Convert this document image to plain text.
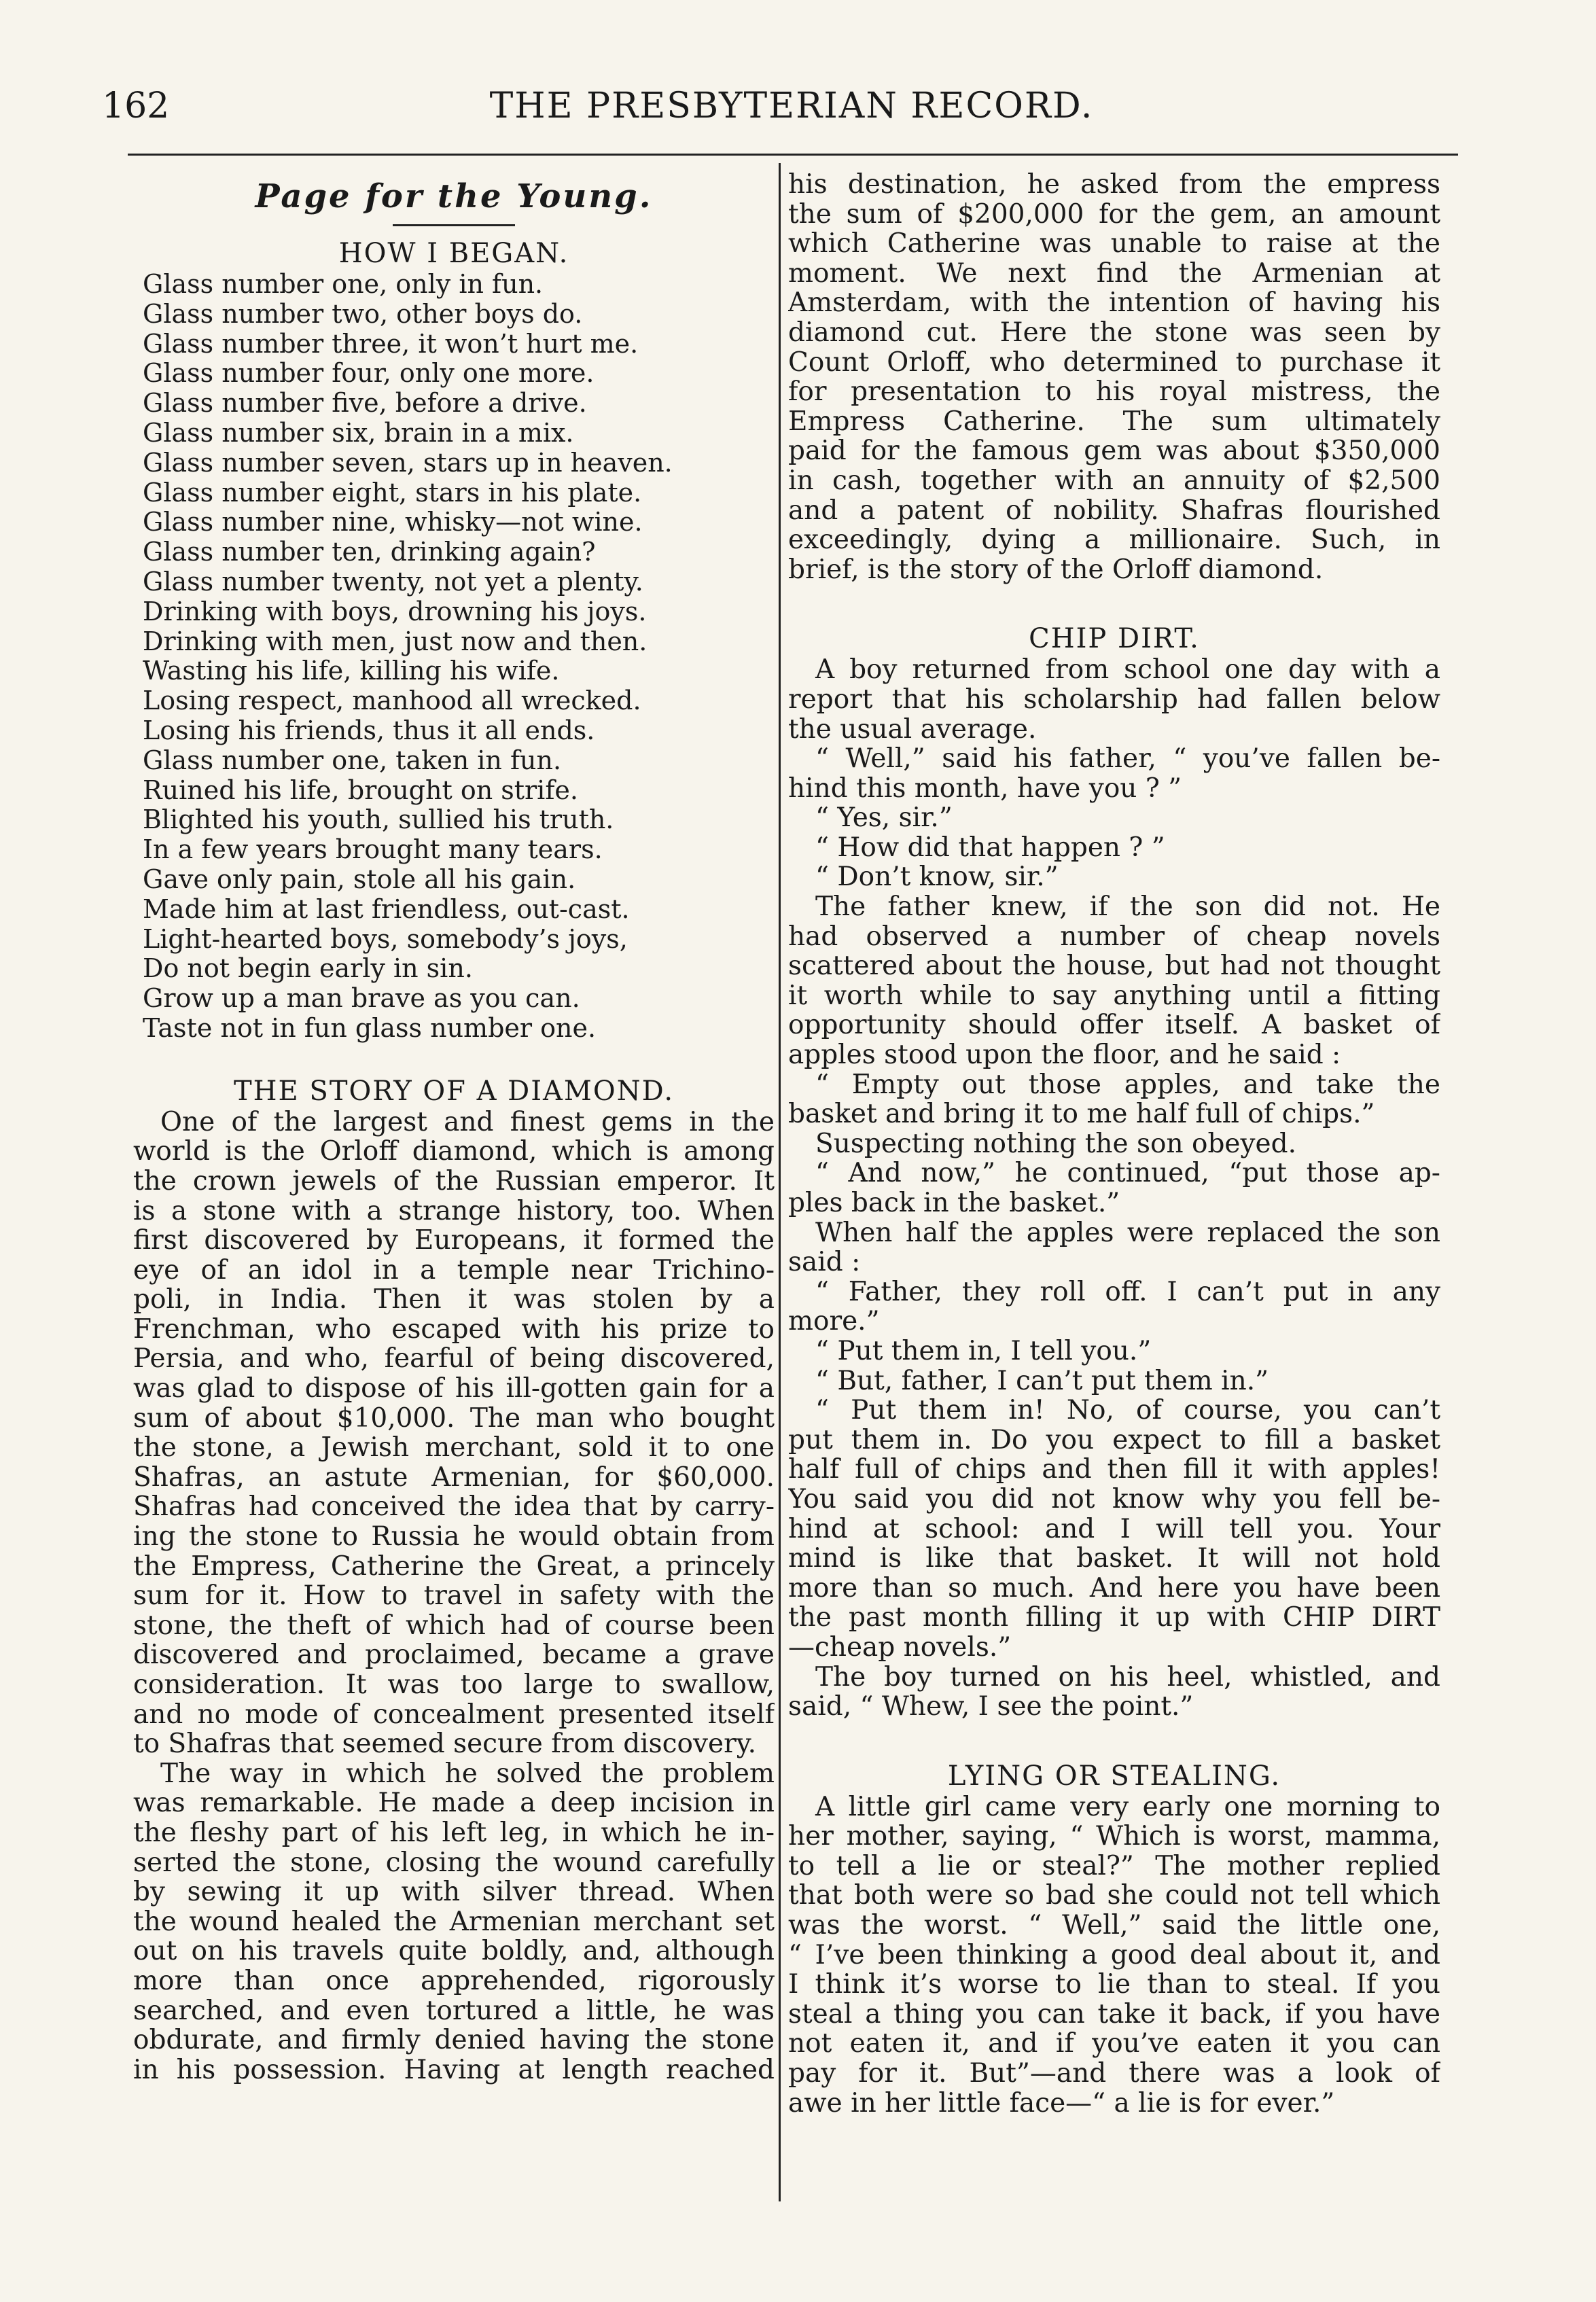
162	THE PRESBYTERIAN RECORD.
Page for the Young.
HOW I BEGAN.
Glass number one, only in fun.
Glass number two, other boys do.
Glass number three, it won’t hurt me.
Glass number four, only one more.
Glass number five, before a drive.
Glass number six, brain in a mix.
Glass number seven, stars up in heaven.
Glass number eight, stars in his plate.
Glass number nine, whisky—not wine.
Glass number ten, drinking again?
Glass number twenty, not yet a plenty.
Drinking with boys, drowning his joys.
Drinking with men, just now and then.
Wasting his life, killing his wife.
Losing respect, manhood all wrecked.
Losing his friends, thus it all ends.
Glass number one, taken in fun.
Ruined his life, brought on strife.
Blighted his youth, sullied his truth.
In a few years brought many tears.
Gave only pain, stole all his gain.
Made him at last friendless, out-cast.
Light-hearted boys, somebody’s joys,
Do not begin early in sin.
Grow up a man brave as you can.
Taste not in fun glass number one.
THE STORY OF A DIAMOND.
One of the largest and finest gems in the
world is the Orloff diamond, which is among
the crown jewels of the Russian emperor. It
is a stone with a strange history, too. When
first discovered by Europeans, it formed the
eye of an idol in a temple near Trichino-
poli, in India. Then it was stolen by a
Frenchman, who escaped with his prize to
Persia, and who, fearful of being discovered,
was glad to dispose of his ill-gotten gain for a
sum of about $10,000. The man who bought
the stone, a Jewish merchant, sold it to one
Shafras, an astute Armenian, for $60,000.
Shafras had conceived the idea that by carry-
ing the stone to Russia he would obtain from
the Empress, Catherine the Great, a princely
sum for it. How to travel in safety with the
stone, the theft of which had of course been
discovered and proclaimed, became a grave
consideration. It was too large to swallow,
and no mode of concealment presented itself
to Shafras that seemed secure from discovery.
The way in which he solved the problem
was remarkable. He made a deep incision in
the fleshy part of his left leg, in which he in-
serted the stone, closing the wound carefully
by sewing it up with silver thread. When
the wound healed the Armenian merchant set
out on his travels quite boldly, and, although
more than once apprehended, rigorously
searched, and even tortured a little, he was
obdurate, and firmly denied having the stone
in his possession. Having at length reached
his destination, he asked from the empress
the sum of $200,000 for the gem, an amount
which Catherine was unable to raise at the
moment. We next find the Armenian at
Amsterdam, with the intention of having his
diamond cut. Here the stone was seen by
Count Orloff, who determined to purchase it
for presentation to his royal mistress, the
Empress Catherine. The sum ultimately
paid for the famous gem was about $350,000
in cash, together with an annuity of $2,500
and a patent of nobility. Shafras flourished
exceedingly, dying a millionaire. Such, in
brief, is the story of the Orloff diamond.
CHIP DIRT.
A boy returned from school one day with a
report that his scholarship had fallen below
the usual average.
“ Well,” said his father, “ you’ve fallen be-
hind this month, have you ? ”
“ Yes, sir.”
“ How did that happen ? ”
“ Don’t know, sir.”
The father knew, if the son did not. He
had observed a number of cheap novels
scattered about the house, but had not thought
it worth while to say anything until a fitting
opportunity should offer itself. A basket of
apples stood upon the floor, and he said :
“ Empty out those apples, and take the
basket and bring it to me half full of chips.”
Suspecting nothing the son obeyed.
“ And now,” he continued, “put those ap-
ples back in the basket.”
When half the apples were replaced the son
said :
“ Father, they roll off. I can’t put in any
more.”
“ Put them in, I tell you.”
“ But, father, I can’t put them in.”
“ Put them in! No, of course, you can’t
put them in. Do you expect to fill a basket
half full of chips and then fill it with apples!
You said you did not know why you fell be-
hind at school: and I will tell you. Your
mind is like that basket. It will not hold
more than so much. And here you have been
the past month filling it up with CHIP DIRT
—cheap novels.”
The boy turned on his heel, whistled, and
said, “ Whew, I see the point.”
LYING OR STEALING.
A little girl came very early one morning to
her mother, saying, “ Which is worst, mamma,
to tell a lie or steal?” The mother replied
that both were so bad she could not tell which
was the worst. “ Well,” said the little one,
“ I’ve been thinking a good deal about it, and
I think it’s worse to lie than to steal. If you
steal a thing you can take it back, if you have
not eaten it, and if you’ve eaten it you can
pay for it. But”—and there was a look of
awe in her little face—“ a lie is for ever.”
